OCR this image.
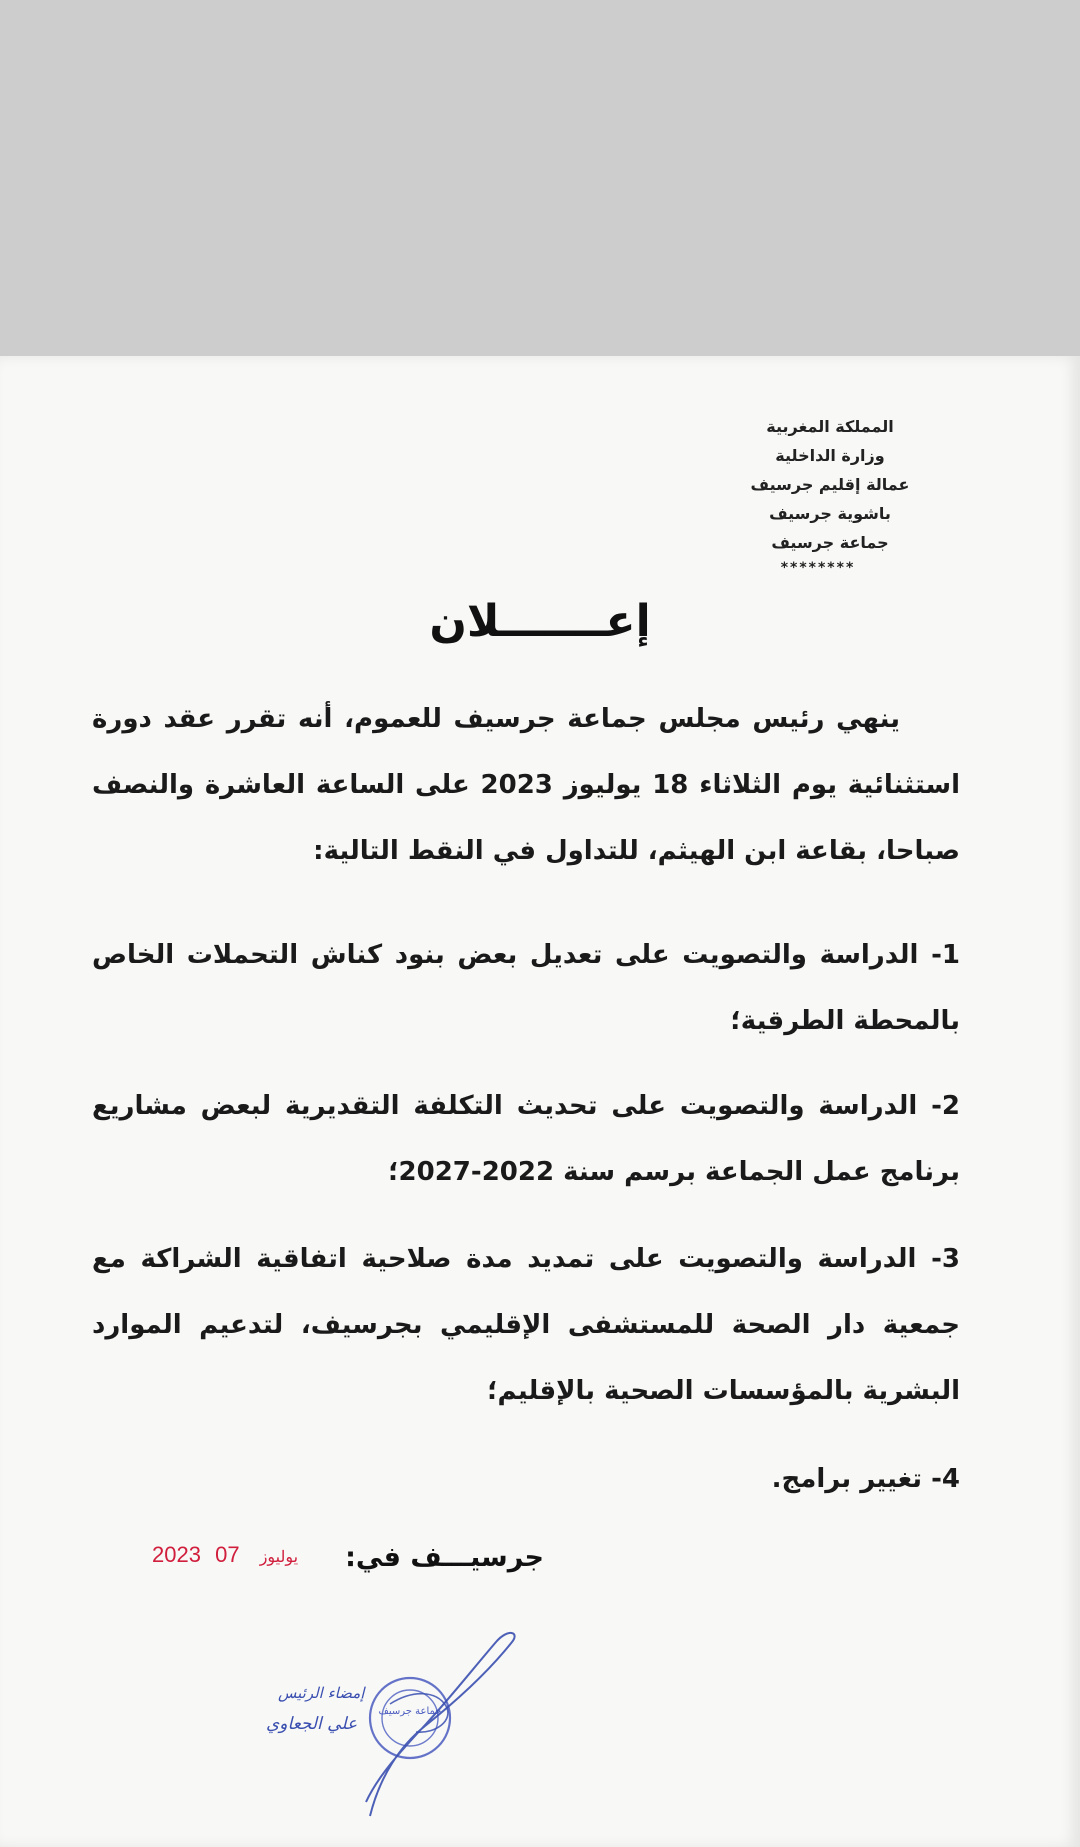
المملكة المغربية
وزارة الداخلية
عمالة إقليم جرسيف
باشوية جرسيف
جماعة جرسيف
********
إعـــــــلان
ينهي رئيس مجلس جماعة جرسيف للعموم، أنه تقرر عقد دورة استثنائية يوم الثلاثاء 18 يوليوز 2023 على الساعة العاشرة والنصف صباحا، بقاعة ابن الهيثم، للتداول في النقط التالية:
1- الدراسة والتصويت على تعديل بعض بنود كناش التحملات الخاص بالمحطة الطرقية؛
2- الدراسة والتصويت على تحديث التكلفة التقديرية لبعض مشاريع برنامج عمل الجماعة برسم سنة 2022-2027؛
3- الدراسة والتصويت على تمديد مدة صلاحية اتفاقية الشراكة مع جمعية دار الصحة للمستشفى الإقليمي بجرسيف، لتدعيم الموارد البشرية بالمؤسسات الصحية بالإقليم؛
4- تغيير برامج.
جرسيـــف في:
2023	يوليوز 07
جماعة جرسيف
إمضاء الرئيس
علي الجعاوي
